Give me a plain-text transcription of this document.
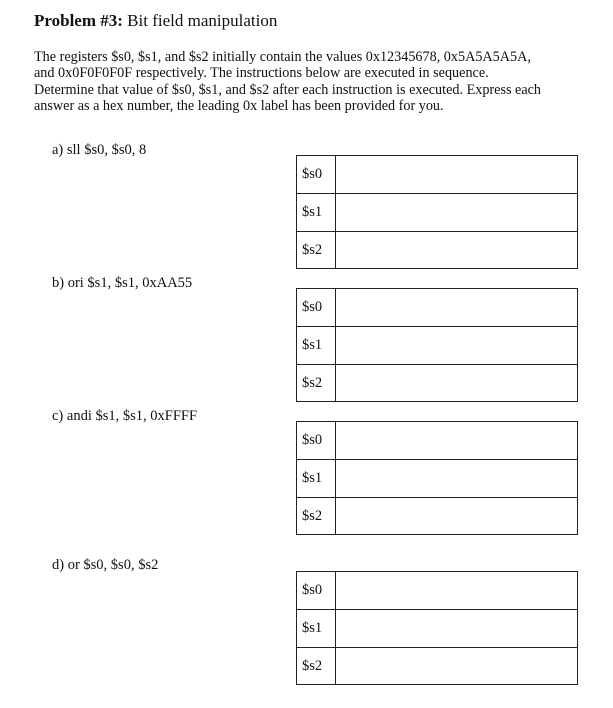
Problem #3: Bit field manipulation

The registers $s0, $s1, and $s2 initially contain the values 0x12345678, 0x5A5A5A5A,

and 0x0F0F0F0F respectively. The instructions below are executed in sequence.

Determine that value of $s0, $s1, and $s2 after each instruction is executed. Express each

answer as a hex number, the leading 0x label has been provided for you.

a) sll $s0, $s0, 8
$s0
$s1
$s2
b) ori $s1, $s1, 0xAA55
$s0
$s1
$s2
c) andi $s1, $s1, 0xFFFF
$s0
$s1
$s2
d) or $s0, $s0, $s2
$s0
$s1
$s2
